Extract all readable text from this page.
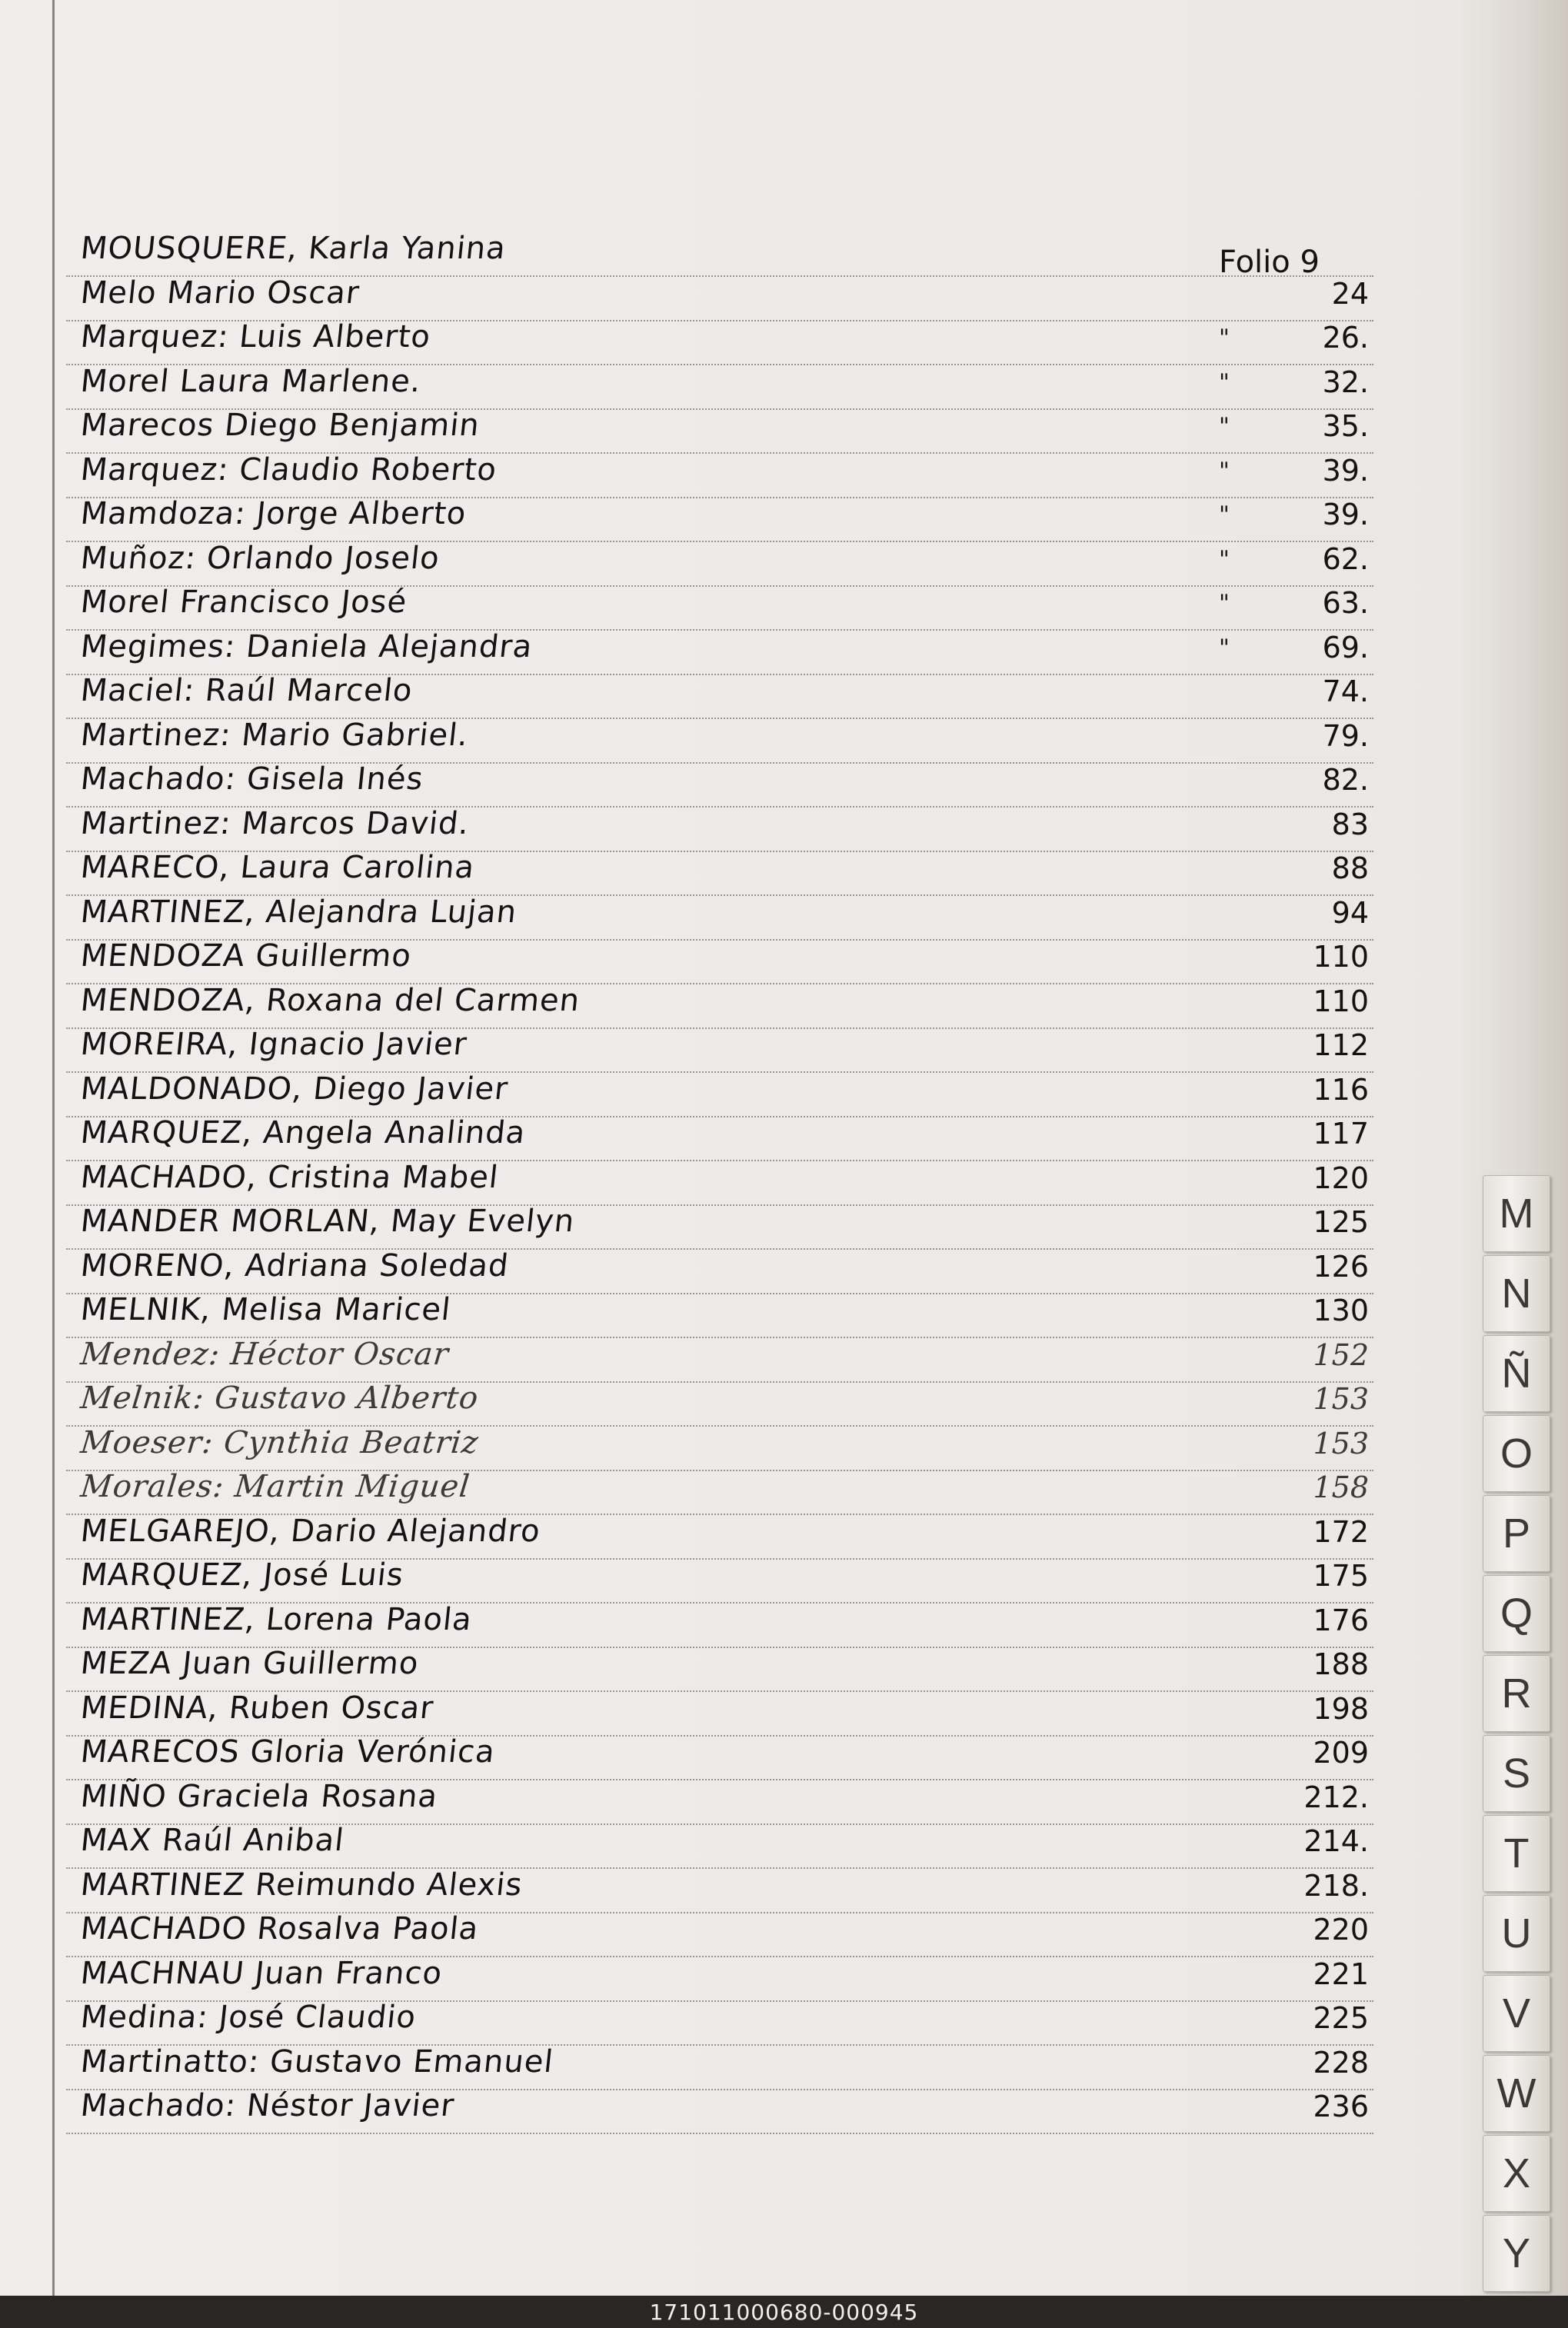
Folio 9
MOUSQUERE, Karla Yanina
Melo Mario Oscar	24
Marquez: Luis Alberto	"	26.
Morel Laura Marlene.	"	32.
Marecos Diego Benjamin	"	35.
Marquez: Claudio Roberto	"	39.
Mamdoza: Jorge Alberto	"	39.
Muñoz: Orlando Joselo	"	62.
Morel Francisco José	"	63.
Megimes: Daniela Alejandra	"	69.
Maciel: Raúl Marcelo	74.
Martinez: Mario Gabriel.	79.
Machado: Gisela Inés	82.
Martinez: Marcos David.	83
MARECO, Laura Carolina	88
MARTINEZ, Alejandra Lujan	94
MENDOZA Guillermo	110
MENDOZA, Roxana del Carmen	110
MOREIRA, Ignacio Javier	112
MALDONADO, Diego Javier	116
MARQUEZ, Angela Analinda	117
MACHADO, Cristina Mabel	120
MANDER MORLAN, May Evelyn	125
MORENO, Adriana Soledad	126
MELNIK, Melisa Maricel	130
Mendez: Héctor Oscar	152
Melnik: Gustavo Alberto	153
Moeser: Cynthia Beatriz	153
Morales: Martin Miguel	158
MELGAREJO, Dario Alejandro	172
MARQUEZ, José Luis	175
MARTINEZ, Lorena Paola	176
MEZA Juan Guillermo	188
MEDINA, Ruben Oscar	198
MARECOS Gloria Verónica	209
MIÑO Graciela Rosana	212.
MAX Raúl Anibal	214.
MARTINEZ Reimundo Alexis	218.
MACHADO Rosalva Paola	220
MACHNAU Juan Franco	221
Medina: José Claudio	225
Martinatto: Gustavo Emanuel	228
Machado: Néstor Javier	236
M
N
Ñ
O
P
Q
R
S
T
U
V
W
X
Y
171011000680-000945
